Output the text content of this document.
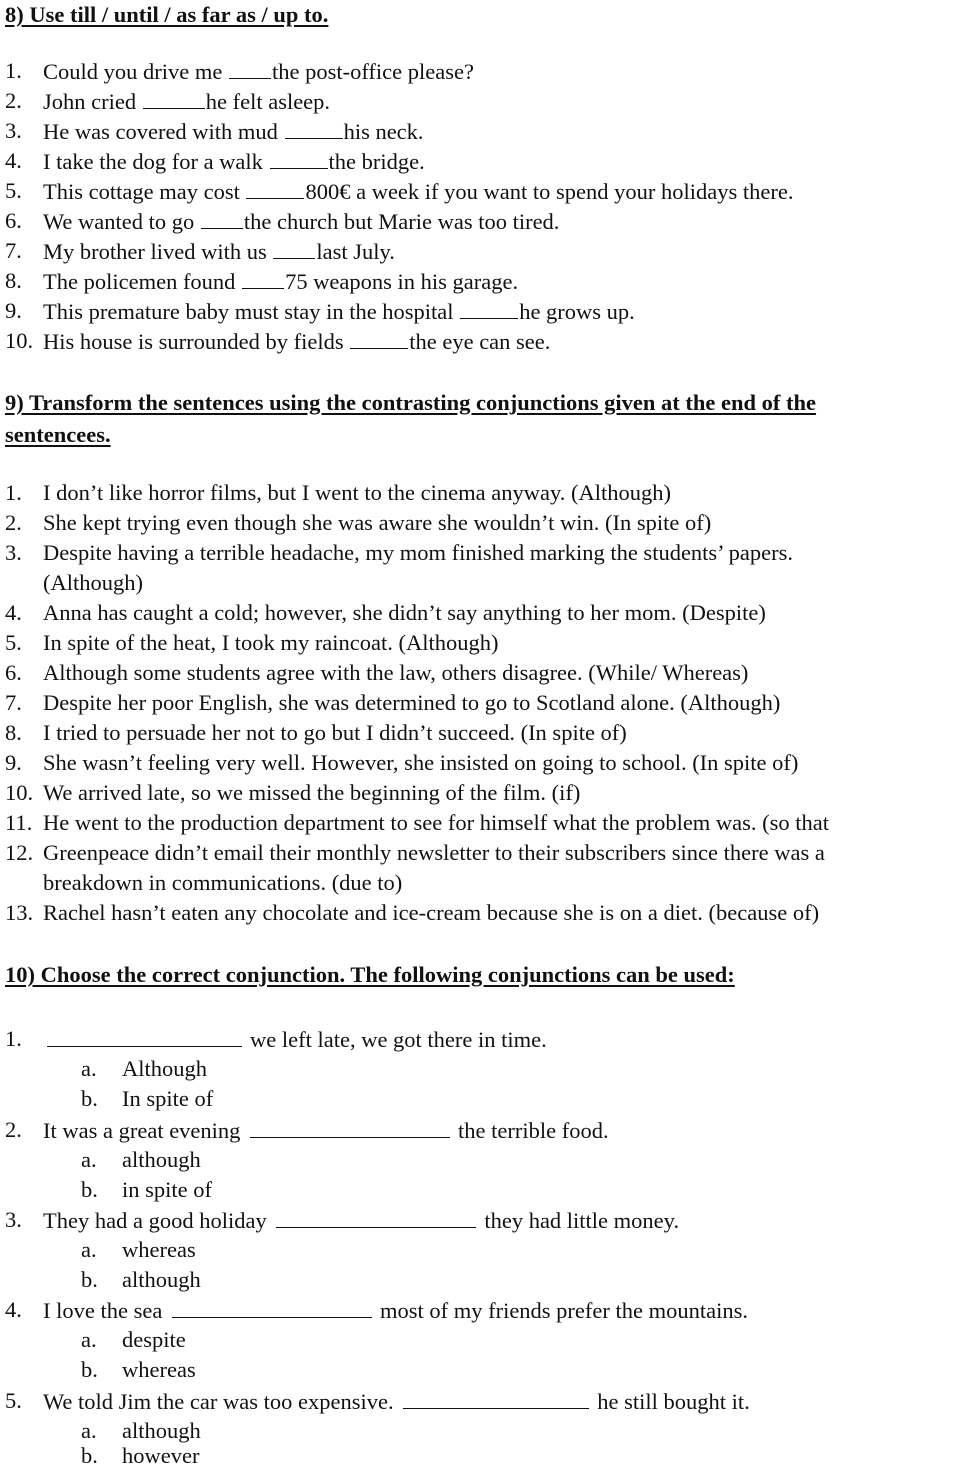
8) Use till / until / as far as / up to.
1. Could you drive me the post-office please?
2. John cried	he felt asleep.
3. He was covered with mud	his neck.
4. I take the dog for a walk	the bridge.
5. This cottage may cost	800€ a week if you want to spend your holidays there.
6. We wanted to go the church but Marie was too tired.
7. My brother lived with us last July.
8. The policemen found 75 weapons in his garage.
9. This premature baby must stay in the hospital	he grows up.
10. His house is surrounded by fields	the eye can see.
9) Transform the sentences using the contrasting conjunctions given at the end of the
sentencees.
1. I don’t like horror films, but I went to the cinema anyway. (Although)
2. She kept trying even though she was aware she wouldn’t win. (In spite of)
3. Despite having a terrible headache, my mom finished marking the students’ papers.
(Although)
4. Anna has caught a cold; however, she didn’t say anything to her mom. (Despite)
5. In spite of the heat, I took my raincoat. (Although)
6. Although some students agree with the law, others disagree. (While/ Whereas)
7. Despite her poor English, she was determined to go to Scotland alone. (Although)
8. I tried to persuade her not to go but I didn’t succeed. (In spite of)
9. She wasn’t feeling very well. However, she insisted on going to school. (In spite of)
10. We arrived late, so we missed the beginning of the film. (if)
11. He went to the production department to see for himself what the problem was. (so that
12. Greenpeace didn’t email their monthly newsletter to their subscribers since there was a
breakdown in communications. (due to)
13. Rachel hasn’t eaten any chocolate and ice-cream because she is on a diet. (because of)
10) Choose the correct conjunction. The following conjunctions can be used:
1.	we left late, we got there in time.
a. Although
b. In spite of
2. It was a great evening	the terrible food.
a. although
b. in spite of
3. They had a good holiday	they had little money.
a. whereas
b. although
4. I love the sea	most of my friends prefer the mountains.
a. despite
b. whereas
5. We told Jim the car was too expensive.	he still bought it.
a. although
b. however
